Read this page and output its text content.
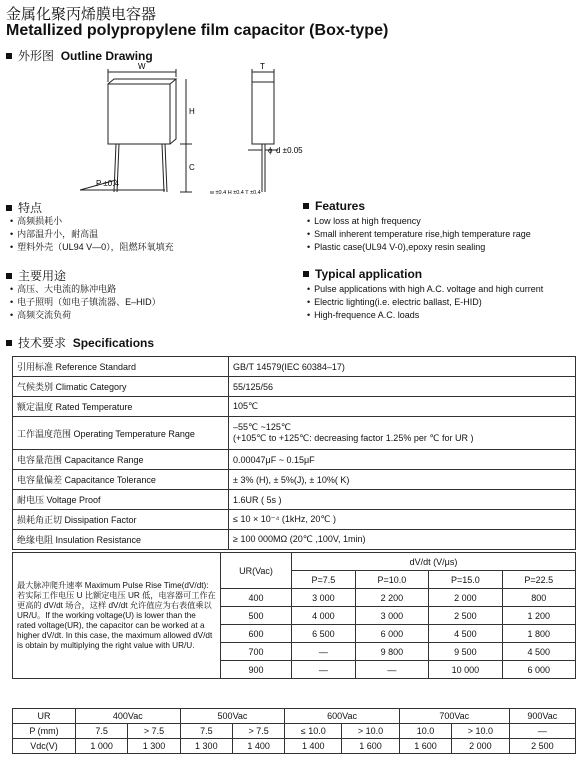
金属化聚丙烯膜电容器
Metallized polypropylene film capacitor (Box-type)
外形图 Outline Drawing
W
H
C
T
P ±0.4
ϕ d ±0.05
w ±0.4 H ±0.4 T ±0.4
特点
• 高频损耗小
• 内部温升小，耐高温
• 塑料外壳（UL94 V—0），阻燃环氧填充
Features
• Low loss at high frequency
• Small inherent temperature rise,high temperature rage
• Plastic case(UL94 V-0),epoxy resin sealing
主要用途
• 高压、大电流的脉冲电路
• 电子照明（如电子镇流器、E–HID）
• 高频交流负荷
Typical application
• Pulse applications with high A.C. voltage and high current
• Electric lighting(i.e. electric ballast, E-HID)
• High-frequence A.C. loads
技术要求 Specifications
引用标准 Reference Standard	GB/T 14579(IEC 60384–17)
气候类别 Climatic Category	55/125/56
额定温度 Rated Temperature	105℃
工作温度范围 Operating Temperature Range	–55℃ ~125℃
(+105℃ to +125℃: decreasing factor 1.25% per ℃ for UR )

电容量范围 Capacitance Range	0.00047μF ~ 0.15μF
电容量偏差 Capacitance Tolerance	± 3% (H), ± 5%(J), ± 10%( K)
耐电压 Voltage Proof	1.6UR ( 5s )
损耗角正切 Dissipation Factor	≤ 10 × 10⁻⁴ (1kHz, 20℃ )
绝缘电阻 Insulation Resistance	≥ 100 000MΩ (20℃ ,100V, 1min)
最大脉冲爬升速率 Maximum Pulse Rise Time(dV/dt): 若实际工作电压 U 比额定电压 UR 低，电容器可工作在更高的 dV/dt 场合，这样 dV/dt 允许值应为右表值乘以 UR/U。If the working voltage(U) is lower than the rated voltage(UR), the capacitor can be worked at a higher dV/dt. In this case, the maximum allowed dV/dt is obtain by multiplying the right value with UR/U.	UR(Vac)	dV/dt (V/μs)			
		P=7.5	P=10.0	P=15.0	P=22.5
	400	3 000	2 200	2 000	800
	500	4 000	3 000	2 500	1 200
	600	6 500	6 000	4 500	1 800
	700	—	9 800	9 500	4 500
	900	—	—	10 000	6 000
UR	400Vac		500Vac		600Vac		700Vac		900Vac
P (mm)	7.5	> 7.5	7.5	> 7.5	≤ 10.0	> 10.0	10.0	> 10.0	—
Vdc(V)	1 000	1 300	1 300	1 400	1 400	1 600	1 600	2 000	2 500
